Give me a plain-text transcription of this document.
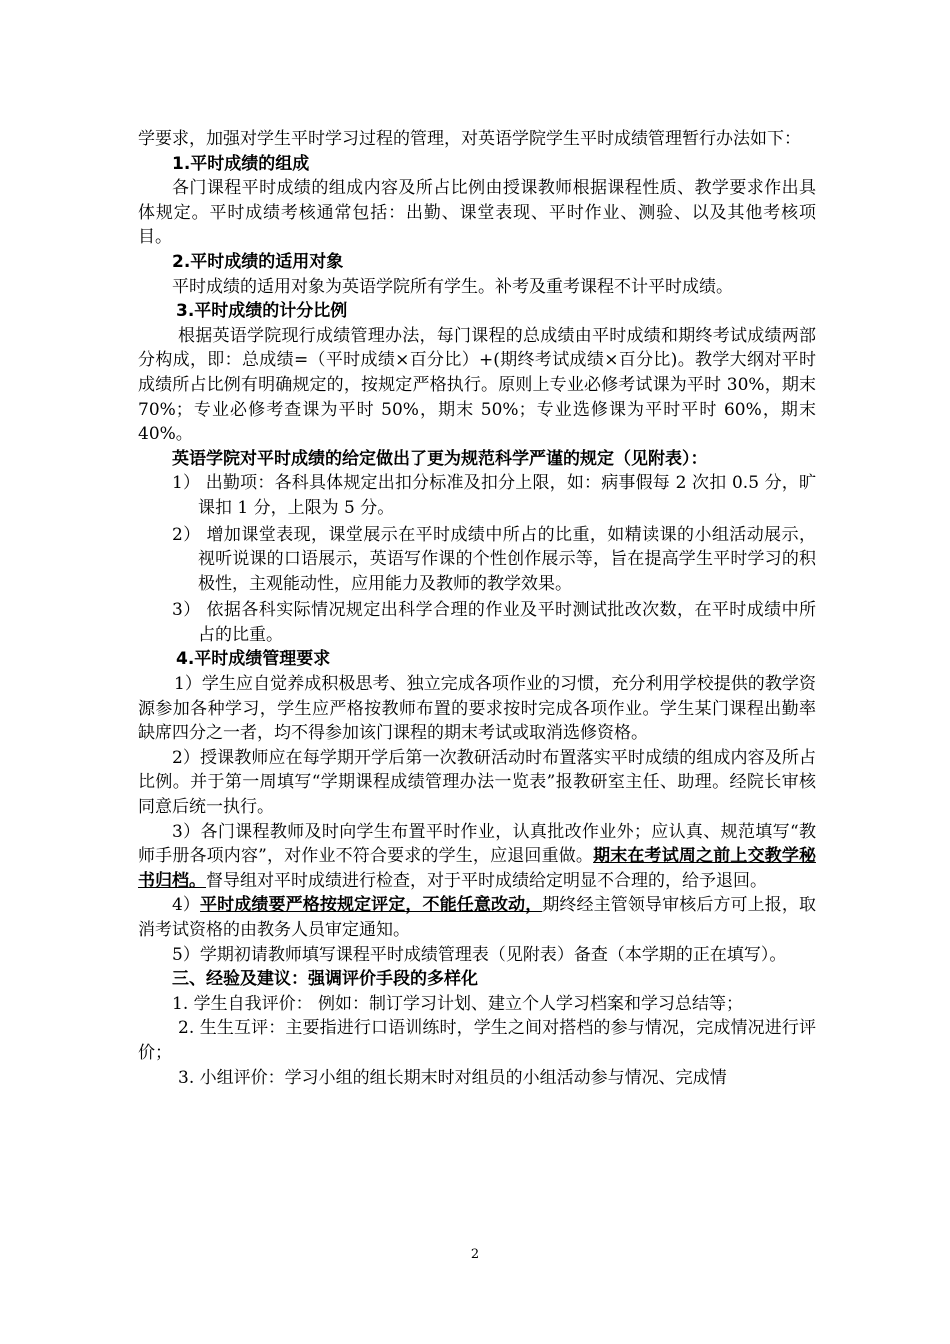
学要求，加强对学生平时学习过程的管理，对英语学院学生平时成绩管理暂行办法如下：

1.平时成绩的组成

各门课程平时成绩的组成内容及所占比例由授课教师根据课程性质、教学要求作出具体规定。平时成绩考核通常包括：出勤、课堂表现、平时作业、测验、以及其他考核项目。

2.平时成绩的适用对象

平时成绩的适用对象为英语学院所有学生。补考及重考课程不计平时成绩。

3.平时成绩的计分比例

根据英语学院现行成绩管理办法，每门课程的总成绩由平时成绩和期终考试成绩两部分构成，即：总成绩=（平时成绩×百分比）+(期终考试成绩×百分比)。教学大纲对平时成绩所占比例有明确规定的，按规定严格执行。原则上专业必修考试课为平时 30%，期末 70%；专业必修考查课为平时 50%，期末 50%；专业选修课为平时平时 60%，期末 40%。

英语学院对平时成绩的给定做出了更为规范科学严谨的规定（见附表）：

1） 出勤项：各科具体规定出扣分标准及扣分上限，如：病事假每 2 次扣 0.5 分，旷课扣 1 分，上限为 5 分。

2） 增加课堂表现，课堂展示在平时成绩中所占的比重，如精读课的小组活动展示，视听说课的口语展示，英语写作课的个性创作展示等，旨在提高学生平时学习的积极性，主观能动性，应用能力及教师的教学效果。

3） 依据各科实际情况规定出科学合理的作业及平时测试批改次数，在平时成绩中所占的比重。

4.平时成绩管理要求

1）学生应自觉养成积极思考、独立完成各项作业的习惯，充分利用学校提供的教学资源参加各种学习，学生应严格按教师布置的要求按时完成各项作业。学生某门课程出勤率缺席四分之一者，均不得参加该门课程的期末考试或取消选修资格。

2）授课教师应在每学期开学后第一次教研活动时布置落实平时成绩的组成内容及所占比例。并于第一周填写“学期课程成绩管理办法一览表”报教研室主任、助理。经院长审核同意后统一执行。

3）各门课程教师及时向学生布置平时作业，认真批改作业外；应认真、规范填写“教师手册各项内容”，对作业不符合要求的学生，应退回重做。期末在考试周之前上交教学秘书归档。督导组对平时成绩进行检查，对于平时成绩给定明显不合理的，给予退回。

4）平时成绩要严格按规定评定，不能任意改动，期终经主管领导审核后方可上报，取消考试资格的由教务人员审定通知。

5）学期初请教师填写课程平时成绩管理表（见附表）备查（本学期的正在填写）。

三、经验及建议：强调评价手段的多样化

1. 学生自我评价： 例如：制订学习计划、建立个人学习档案和学习总结等；

2. 生生互评：主要指进行口语训练时，学生之间对搭档的参与情况，完成情况进行评价；

3. 小组评价：学习小组的组长期末时对组员的小组活动参与情况、完成情

2
